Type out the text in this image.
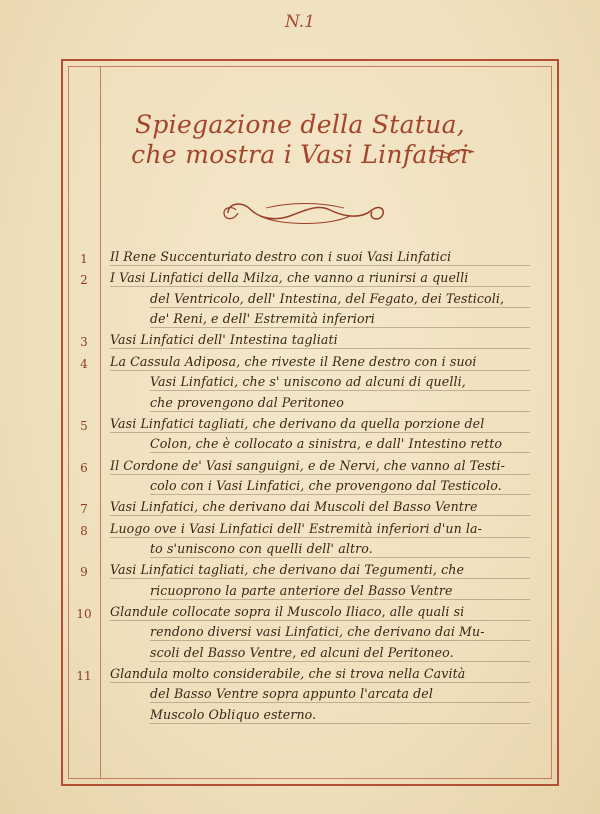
N.1
Spiegazione della Statua,
che mostra i Vasi Linfatici
1	Il Rene Succenturiato destro con i suoi Vasi Linfatici
2	I Vasi Linfatici della Milza, che vanno a riunirsi a quelli
del Ventricolo, dell' Intestina, del Fegato, dei Testicoli,
de' Reni, e dell' Estremità inferiori
3	Vasi Linfatici dell' Intestina tagliati
4	La Cassula Adiposa, che riveste il Rene destro con i suoi
Vasi Linfatici, che s' uniscono ad alcuni di quelli,
che provengono dal Peritoneo
5	Vasi Linfatici tagliati, che derivano da quella porzione del
Colon, che è collocato a sinistra, e dall' Intestino retto
6	Il Cordone de' Vasi sanguigni, e de Nervi, che vanno al Testi-
colo con i Vasi Linfatici, che provengono dal Testicolo.
7	Vasi Linfatici, che derivano dai Muscoli del Basso Ventre
8	Luogo ove i Vasi Linfatici dell' Estremità inferiori d'un la-
to s'uniscono con quelli dell' altro.
9	Vasi Linfatici tagliati, che derivano dai Tegumenti, che
ricuoprono la parte anteriore del Basso Ventre
10	Glandule collocate sopra il Muscolo Iliaco, alle quali si
rendono diversi vasi Linfatici, che derivano dai Mu-
scoli del Basso Ventre, ed alcuni del Peritoneo.
11	Glandula molto considerabile, che si trova nella Cavità
del Basso Ventre sopra appunto l'arcata del
Muscolo Obliquo esterno.
